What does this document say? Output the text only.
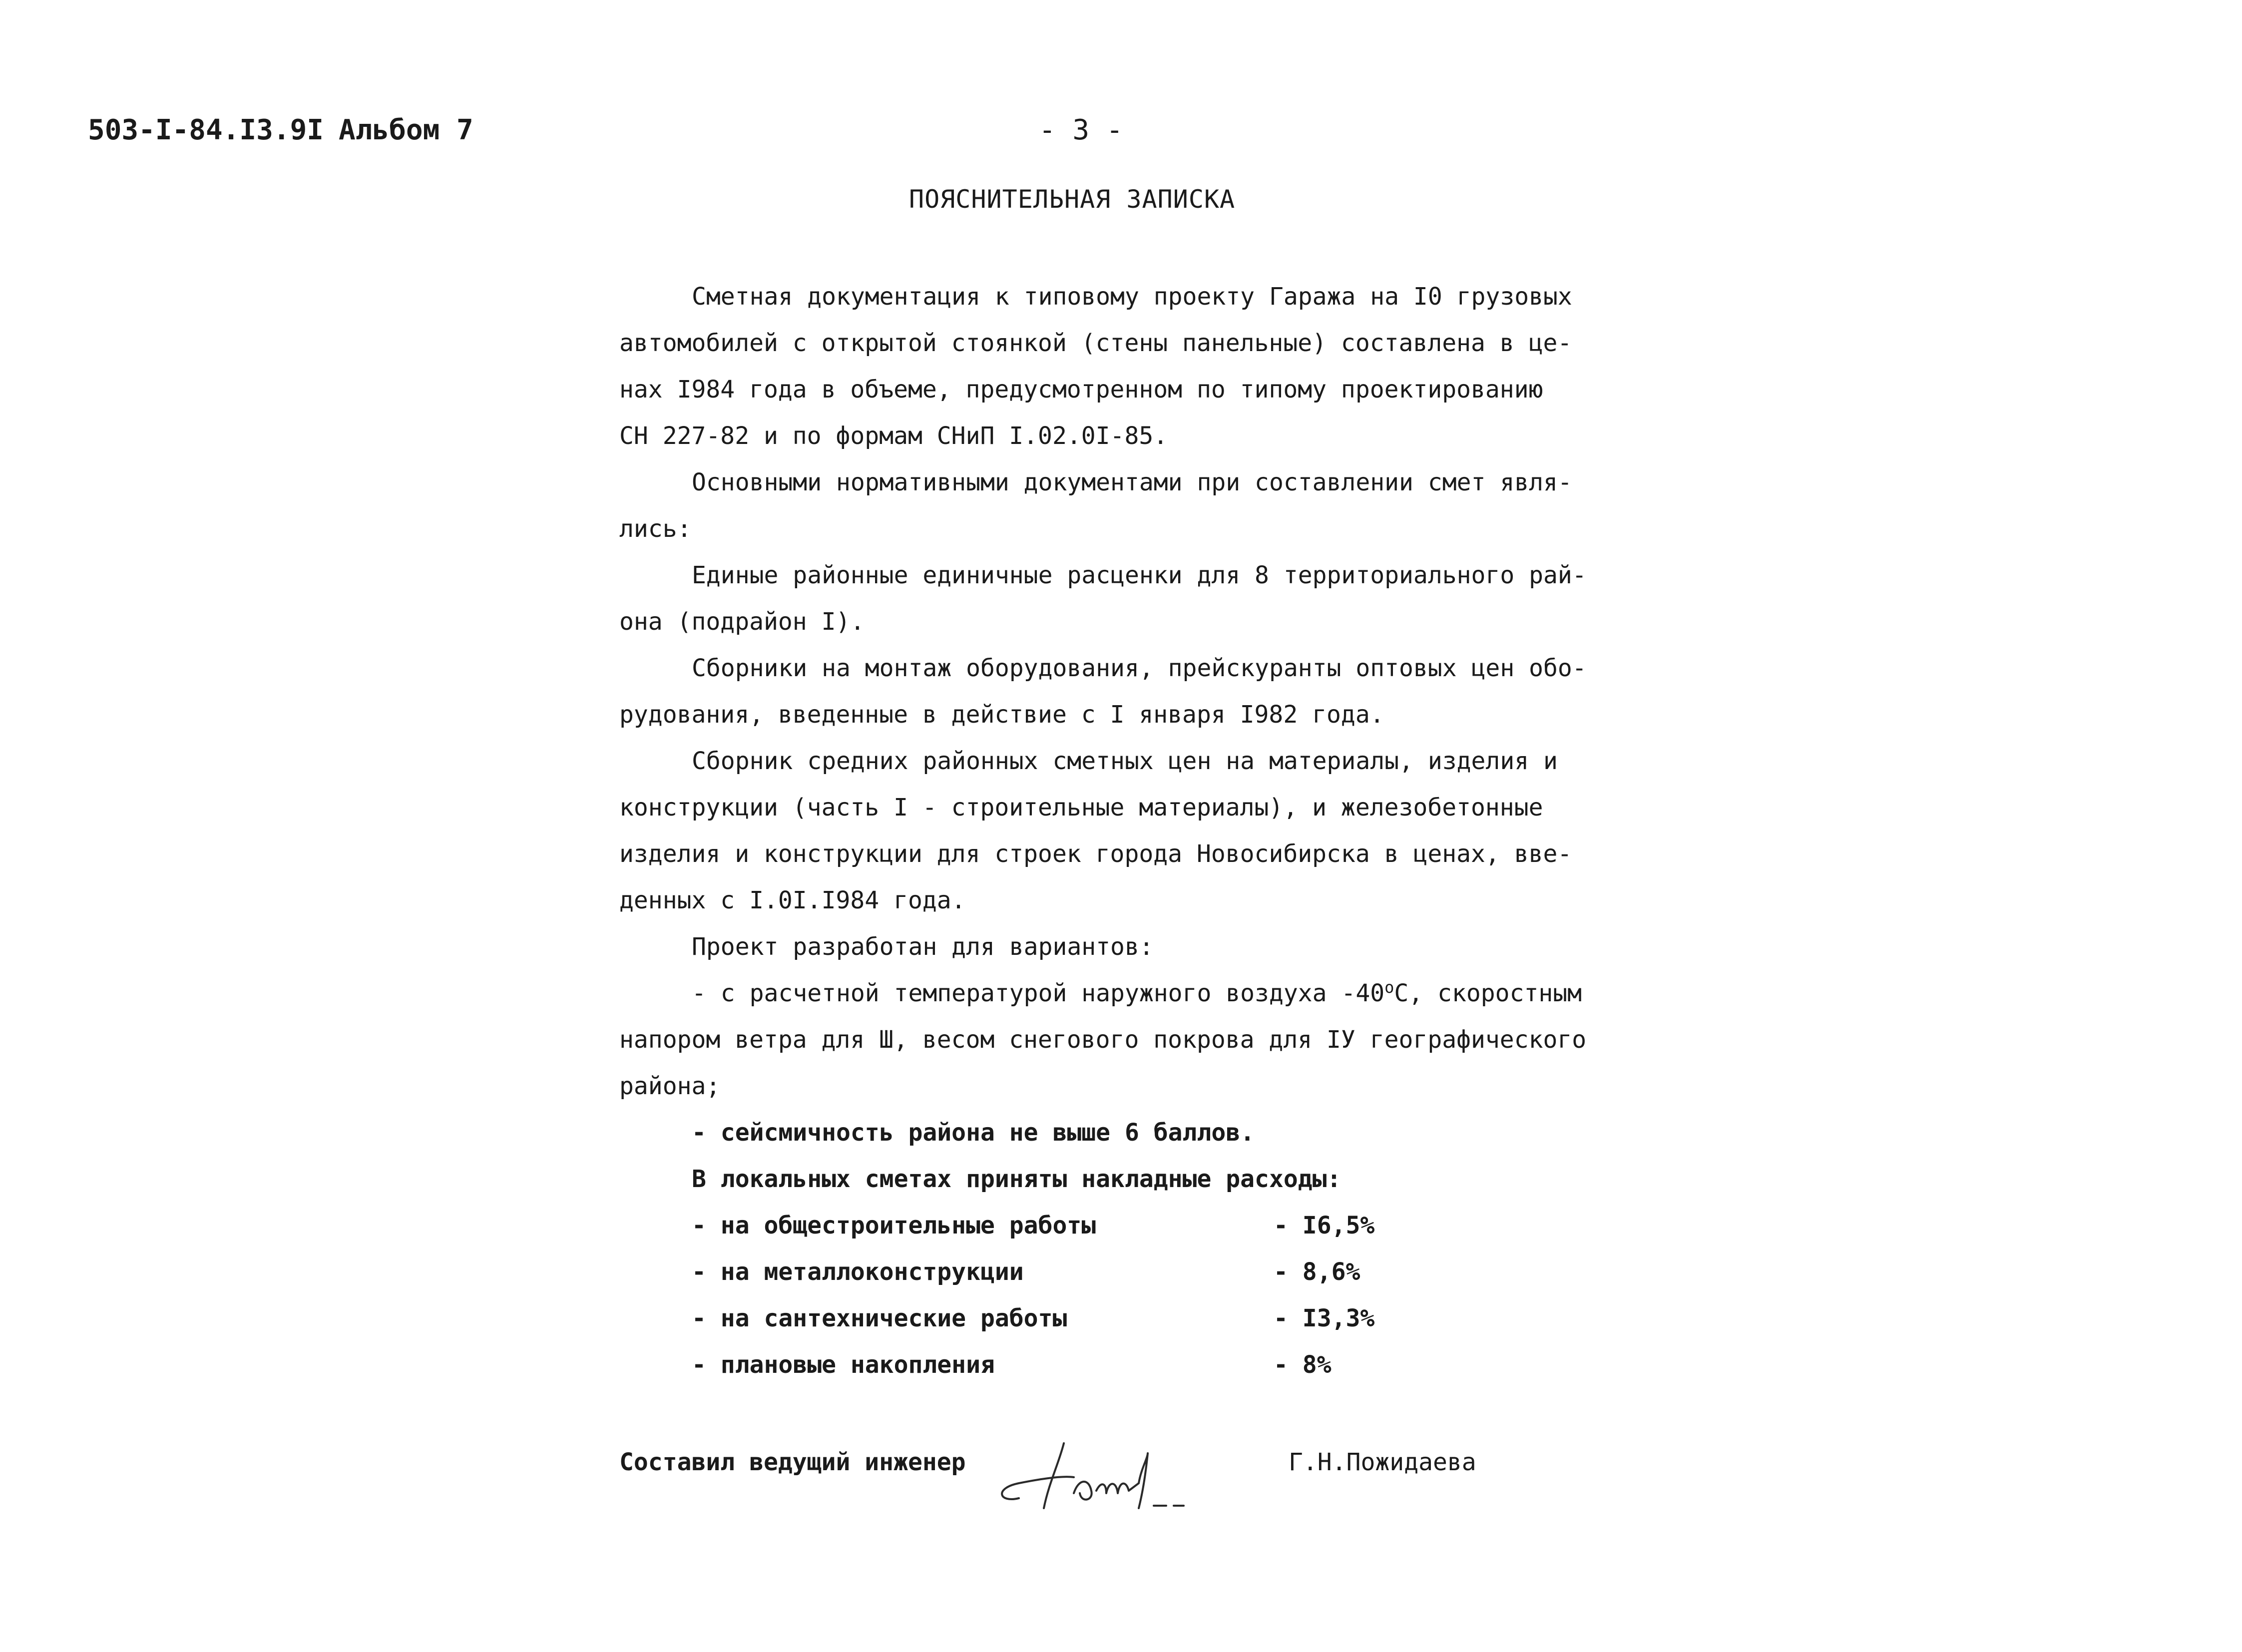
503-I-84.I3.9I Альбом 7	- 3 -
ПОЯСНИТЕЛЬНАЯ ЗАПИСКА
Сметная документация к типовому проекту Гаража на I0 грузовых
автомобилей с открытой стоянкой (стены панельные) составлена в це-
нах I984 года в объеме, предусмотренном по типому проектированию
СН 227-82 и по формам СНиП I.02.0I-85.
Основными нормативными документами при составлении смет явля-
лись:
Единые районные единичные расценки для 8 территориального рай-
она (подрайон I).
Сборники на монтаж оборудования, прейскуранты оптовых цен обо-
рудования, введенные в действие с I января I982 года.
Сборник средних районных сметных цен на материалы, изделия и
конструкции (часть I - строительные материалы), и железобетонные
изделия и конструкции для строек города Новосибирска в ценах, вве-
денных с I.0I.I984 года.
Проект разработан для вариантов:
- с расчетной температурой наружного воздуха -40$^o$С, скоростным
напором ветра для Ш, весом снегового покрова для IУ географического
района;
- сейсмичность района не выше 6 баллов.
В локальных сметах приняты накладные расходы:
- на общестроительные работы	- I6,5%
- на металлоконструкции	- 8,6%
- на сантехнические работы	- I3,3%
- плановые накопления	- 8%
Составил ведущий инженер	Г.Н.Пожидаева
